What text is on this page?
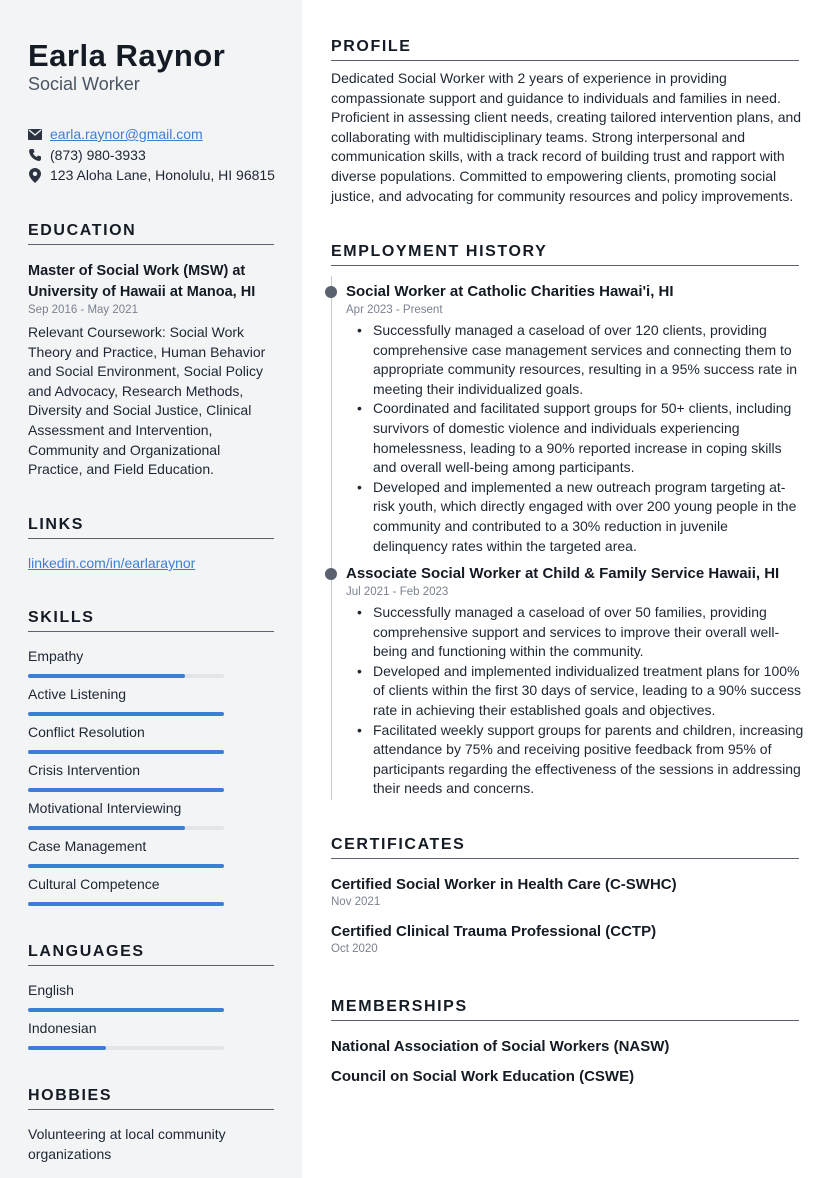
Earla Raynor
Social Worker
earla.raynor@gmail.com
(873) 980-3933
123 Aloha Lane, Honolulu, HI 96815
EDUCATION
Master of Social Work (MSW) at University of Hawaii at Manoa, HI
Sep 2016 - May 2021
Relevant Coursework: Social Work Theory and Practice, Human Behavior and Social Environment, Social Policy and Advocacy, Research Methods, Diversity and Social Justice, Clinical Assessment and Intervention, Community and Organizational Practice, and Field Education.
LINKS
linkedin.com/in/earlaraynor
SKILLS
Empathy
Active Listening
Conflict Resolution
Crisis Intervention
Motivational Interviewing
Case Management
Cultural Competence
LANGUAGES
English
Indonesian
HOBBIES
Volunteering at local community organizations
PROFILE
Dedicated Social Worker with 2 years of experience in providing compassionate support and guidance to individuals and families in need. Proficient in assessing client needs, creating tailored intervention plans, and collaborating with multidisciplinary teams. Strong interpersonal and communication skills, with a track record of building trust and rapport with diverse populations. Committed to empowering clients, promoting social justice, and advocating for community resources and policy improvements.
EMPLOYMENT HISTORY
Social Worker at Catholic Charities Hawai'i, HI
Apr 2023 - Present
• Successfully managed a caseload of over 120 clients, providing comprehensive case management services and connecting them to appropriate community resources, resulting in a 95% success rate in meeting their individualized goals.
• Coordinated and facilitated support groups for 50+ clients, including survivors of domestic violence and individuals experiencing homelessness, leading to a 90% reported increase in coping skills and overall well-being among participants.
• Developed and implemented a new outreach program targeting at-risk youth, which directly engaged with over 200 young people in the community and contributed to a 30% reduction in juvenile delinquency rates within the targeted area.
Associate Social Worker at Child & Family Service Hawaii, HI
Jul 2021 - Feb 2023
• Successfully managed a caseload of over 50 families, providing comprehensive support and services to improve their overall well-being and functioning within the community.
• Developed and implemented individualized treatment plans for 100% of clients within the first 30 days of service, leading to a 90% success rate in achieving their established goals and objectives.
• Facilitated weekly support groups for parents and children, increasing attendance by 75% and receiving positive feedback from 95% of participants regarding the effectiveness of the sessions in addressing their needs and concerns.
CERTIFICATES
Certified Social Worker in Health Care (C-SWHC)
Nov 2021
Certified Clinical Trauma Professional (CCTP)
Oct 2020
MEMBERSHIPS
National Association of Social Workers (NASW)
Council on Social Work Education (CSWE)
